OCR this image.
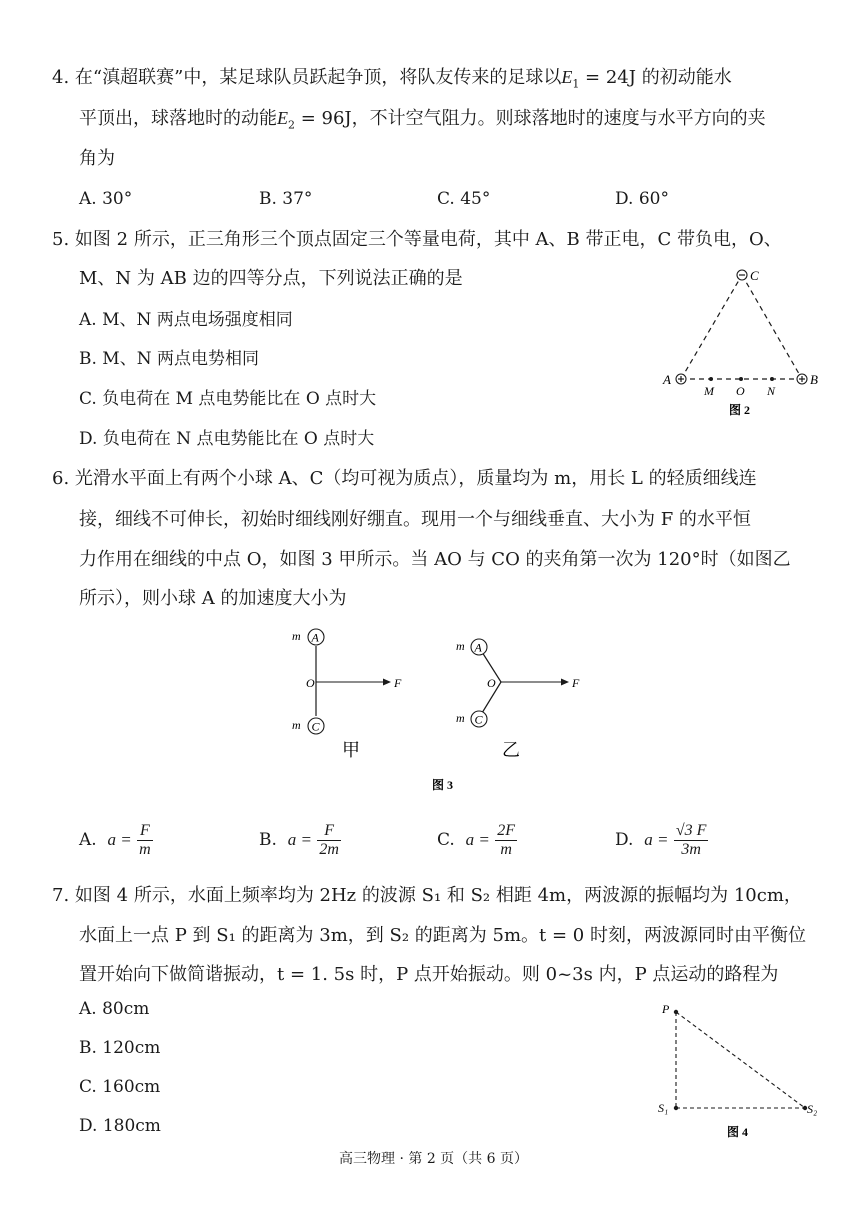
4. 在“滇超联赛”中，某足球队员跃起争顶，将队友传来的足球以$E_1 = 24J$ 的初动能水
平顶出，球落地时的动能$E_2 = 96J$，不计空气阻力。则球落地时的速度与水平方向的夹
角为
A. 30°	B. 37°	C. 45°	D. 60°
5. 如图 2 所示，正三角形三个顶点固定三个等量电荷，其中 A、B 带正电，C 带负电，O、
M、N 为 AB 边的四等分点，下列说法正确的是
A. M、N 两点电场强度相同
B. M、N 两点电势相同
C. 负电荷在 M 点电势能比在 O 点时大
D. 负电荷在 N 点电势能比在 O 点时大
C
A	B
M O N
图 2
6. 光滑水平面上有两个小球 A、C（均可视为质点），质量均为 m，用长 L 的轻质细线连
接，细线不可伸长，初始时细线刚好绷直。现用一个与细线垂直、大小为 F 的水平恒
力作用在细线的中点 O，如图 3 甲所示。当 AO 与 CO 的夹角第一次为 120°时（如图乙
所示），则小球 A 的加速度大小为
A
C
m
m
O	F
甲
A
C
m
m
O	F
乙
图 3
A. $a = \frac{F}{m}$	B. $a = \frac{F}{2m}$	C. $a = \frac{2F}{m}$	D. $a = \frac{√3 F}{3m}$
7. 如图 4 所示，水面上频率均为 2Hz 的波源 S₁ 和 S₂ 相距 4m，两波源的振幅均为 10cm，
水面上一点 P 到 S₁ 的距离为 3m，到 S₂ 的距离为 5m。t = 0 时刻，两波源同时由平衡位
置开始向下做简谐振动，t = 1. 5s 时，P 点开始振动。则 0~3s 内，P 点运动的路程为
A. 80cm
B. 120cm
C. 160cm
D. 180cm
P
S₁	S₂
图 4
高三物理 · 第 2 页（共 6 页）
